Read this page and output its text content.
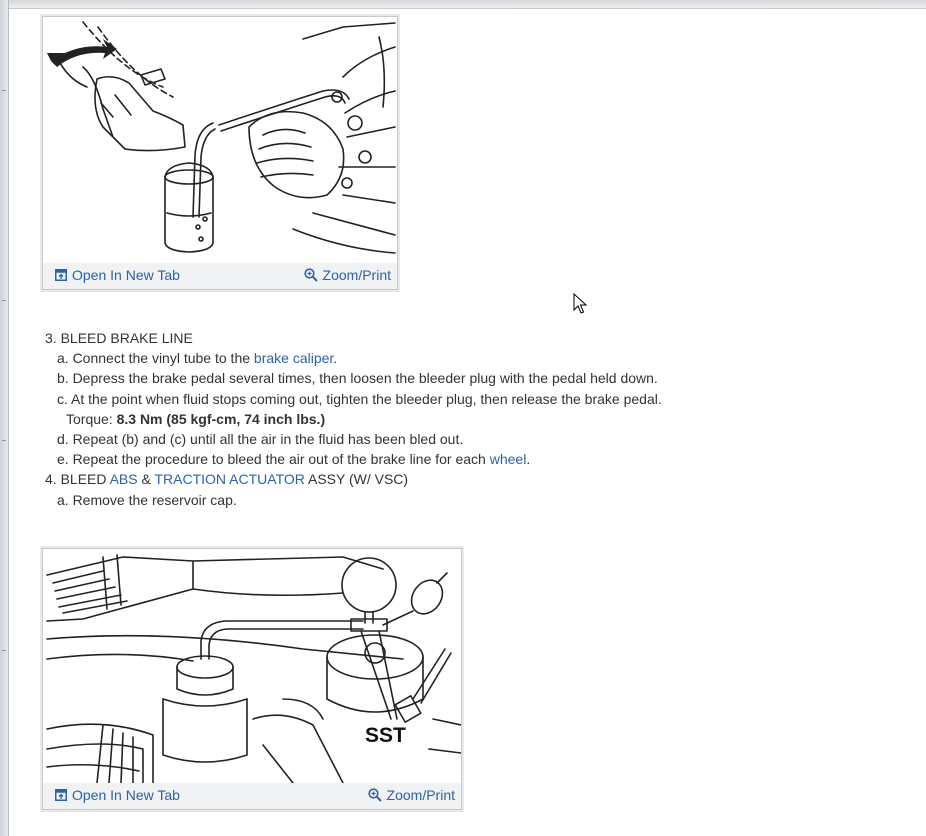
Open In New Tab	Zoom/Print
3. BLEED BRAKE LINE
a. Connect the vinyl tube to the brake caliper.
b. Depress the brake pedal several times, then loosen the bleeder plug with the pedal held down.
c. At the point when fluid stops coming out, tighten the bleeder plug, then release the brake pedal.
Torque: 8.3 Nm (85 kgf-cm, 74 inch lbs.)
d. Repeat (b) and (c) until all the air in the fluid has been bled out.
e. Repeat the procedure to bleed the air out of the brake line for each wheel.
4. BLEED ABS & TRACTION ACTUATOR ASSY (W/ VSC)
a. Remove the reservoir cap.
SST
Open In New Tab	Zoom/Print
